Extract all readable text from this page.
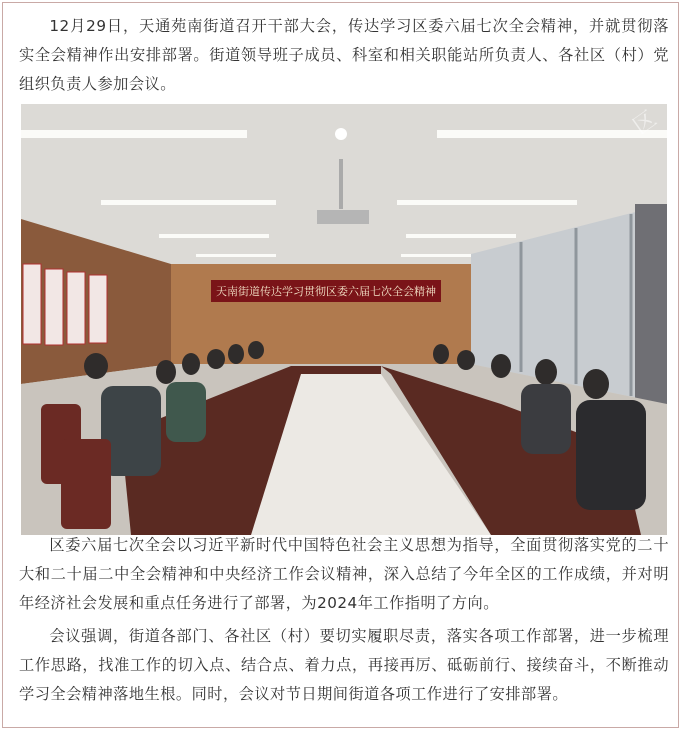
12月29日，天通苑南街道召开干部大会，传达学习区委六届七次全会精神，并就贯彻落实全会精神作出安排部署。街道领导班子成员、科室和相关职能站所负责人、各社区（村）党组织负责人参加会议。

天南街道传达学习贯彻区委六届七次全会精神
区

区委六届七次全会以习近平新时代中国特色社会主义思想为指导，全面贯彻落实党的二十大和二十届二中全会精神和中央经济工作会议精神，深入总结了今年全区的工作成绩，并对明年经济社会发展和重点任务进行了部署，为2024年工作指明了方向。

会议强调，街道各部门、各社区（村）要切实履职尽责，落实各项工作部署，进一步梳理工作思路，找准工作的切入点、结合点、着力点，再接再厉、砥砺前行、接续奋斗，不断推动学习全会精神落地生根。同时，会议对节日期间街道各项工作进行了安排部署。
